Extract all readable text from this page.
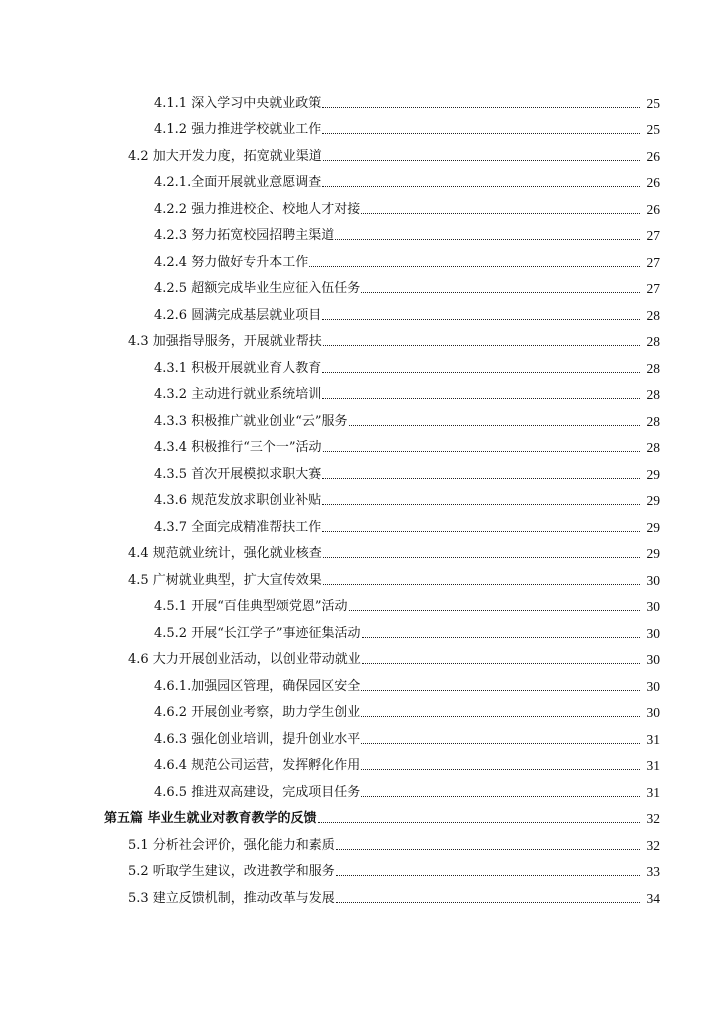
4.1.1 深入学习中央就业政策	25
4.1.2 强力推进学校就业工作	25
4.2 加大开发力度，拓宽就业渠道	26
4.2.1.全面开展就业意愿调查	26
4.2.2 强力推进校企、校地人才对接	26
4.2.3 努力拓宽校园招聘主渠道	27
4.2.4 努力做好专升本工作	27
4.2.5 超额完成毕业生应征入伍任务	27
4.2.6 圆满完成基层就业项目	28
4.3 加强指导服务，开展就业帮扶	28
4.3.1 积极开展就业育人教育	28
4.3.2 主动进行就业系统培训	28
4.3.3 积极推广就业创业“云”服务	28
4.3.4 积极推行“三个一”活动	28
4.3.5 首次开展模拟求职大赛	29
4.3.6 规范发放求职创业补贴	29
4.3.7 全面完成精准帮扶工作	29
4.4 规范就业统计，强化就业核查	29
4.5 广树就业典型，扩大宣传效果	30
4.5.1 开展“百佳典型颂党恩”活动	30
4.5.2 开展“长江学子”事迹征集活动	30
4.6 大力开展创业活动，以创业带动就业	30
4.6.1.加强园区管理，确保园区安全	30
4.6.2 开展创业考察，助力学生创业	30
4.6.3 强化创业培训，提升创业水平	31
4.6.4 规范公司运营，发挥孵化作用	31
4.6.5 推进双高建设，完成项目任务	31
第五篇 毕业生就业对教育教学的反馈	32
5.1 分析社会评价，强化能力和素质	32
5.2 听取学生建议，改进教学和服务	33
5.3 建立反馈机制，推动改革与发展	34
